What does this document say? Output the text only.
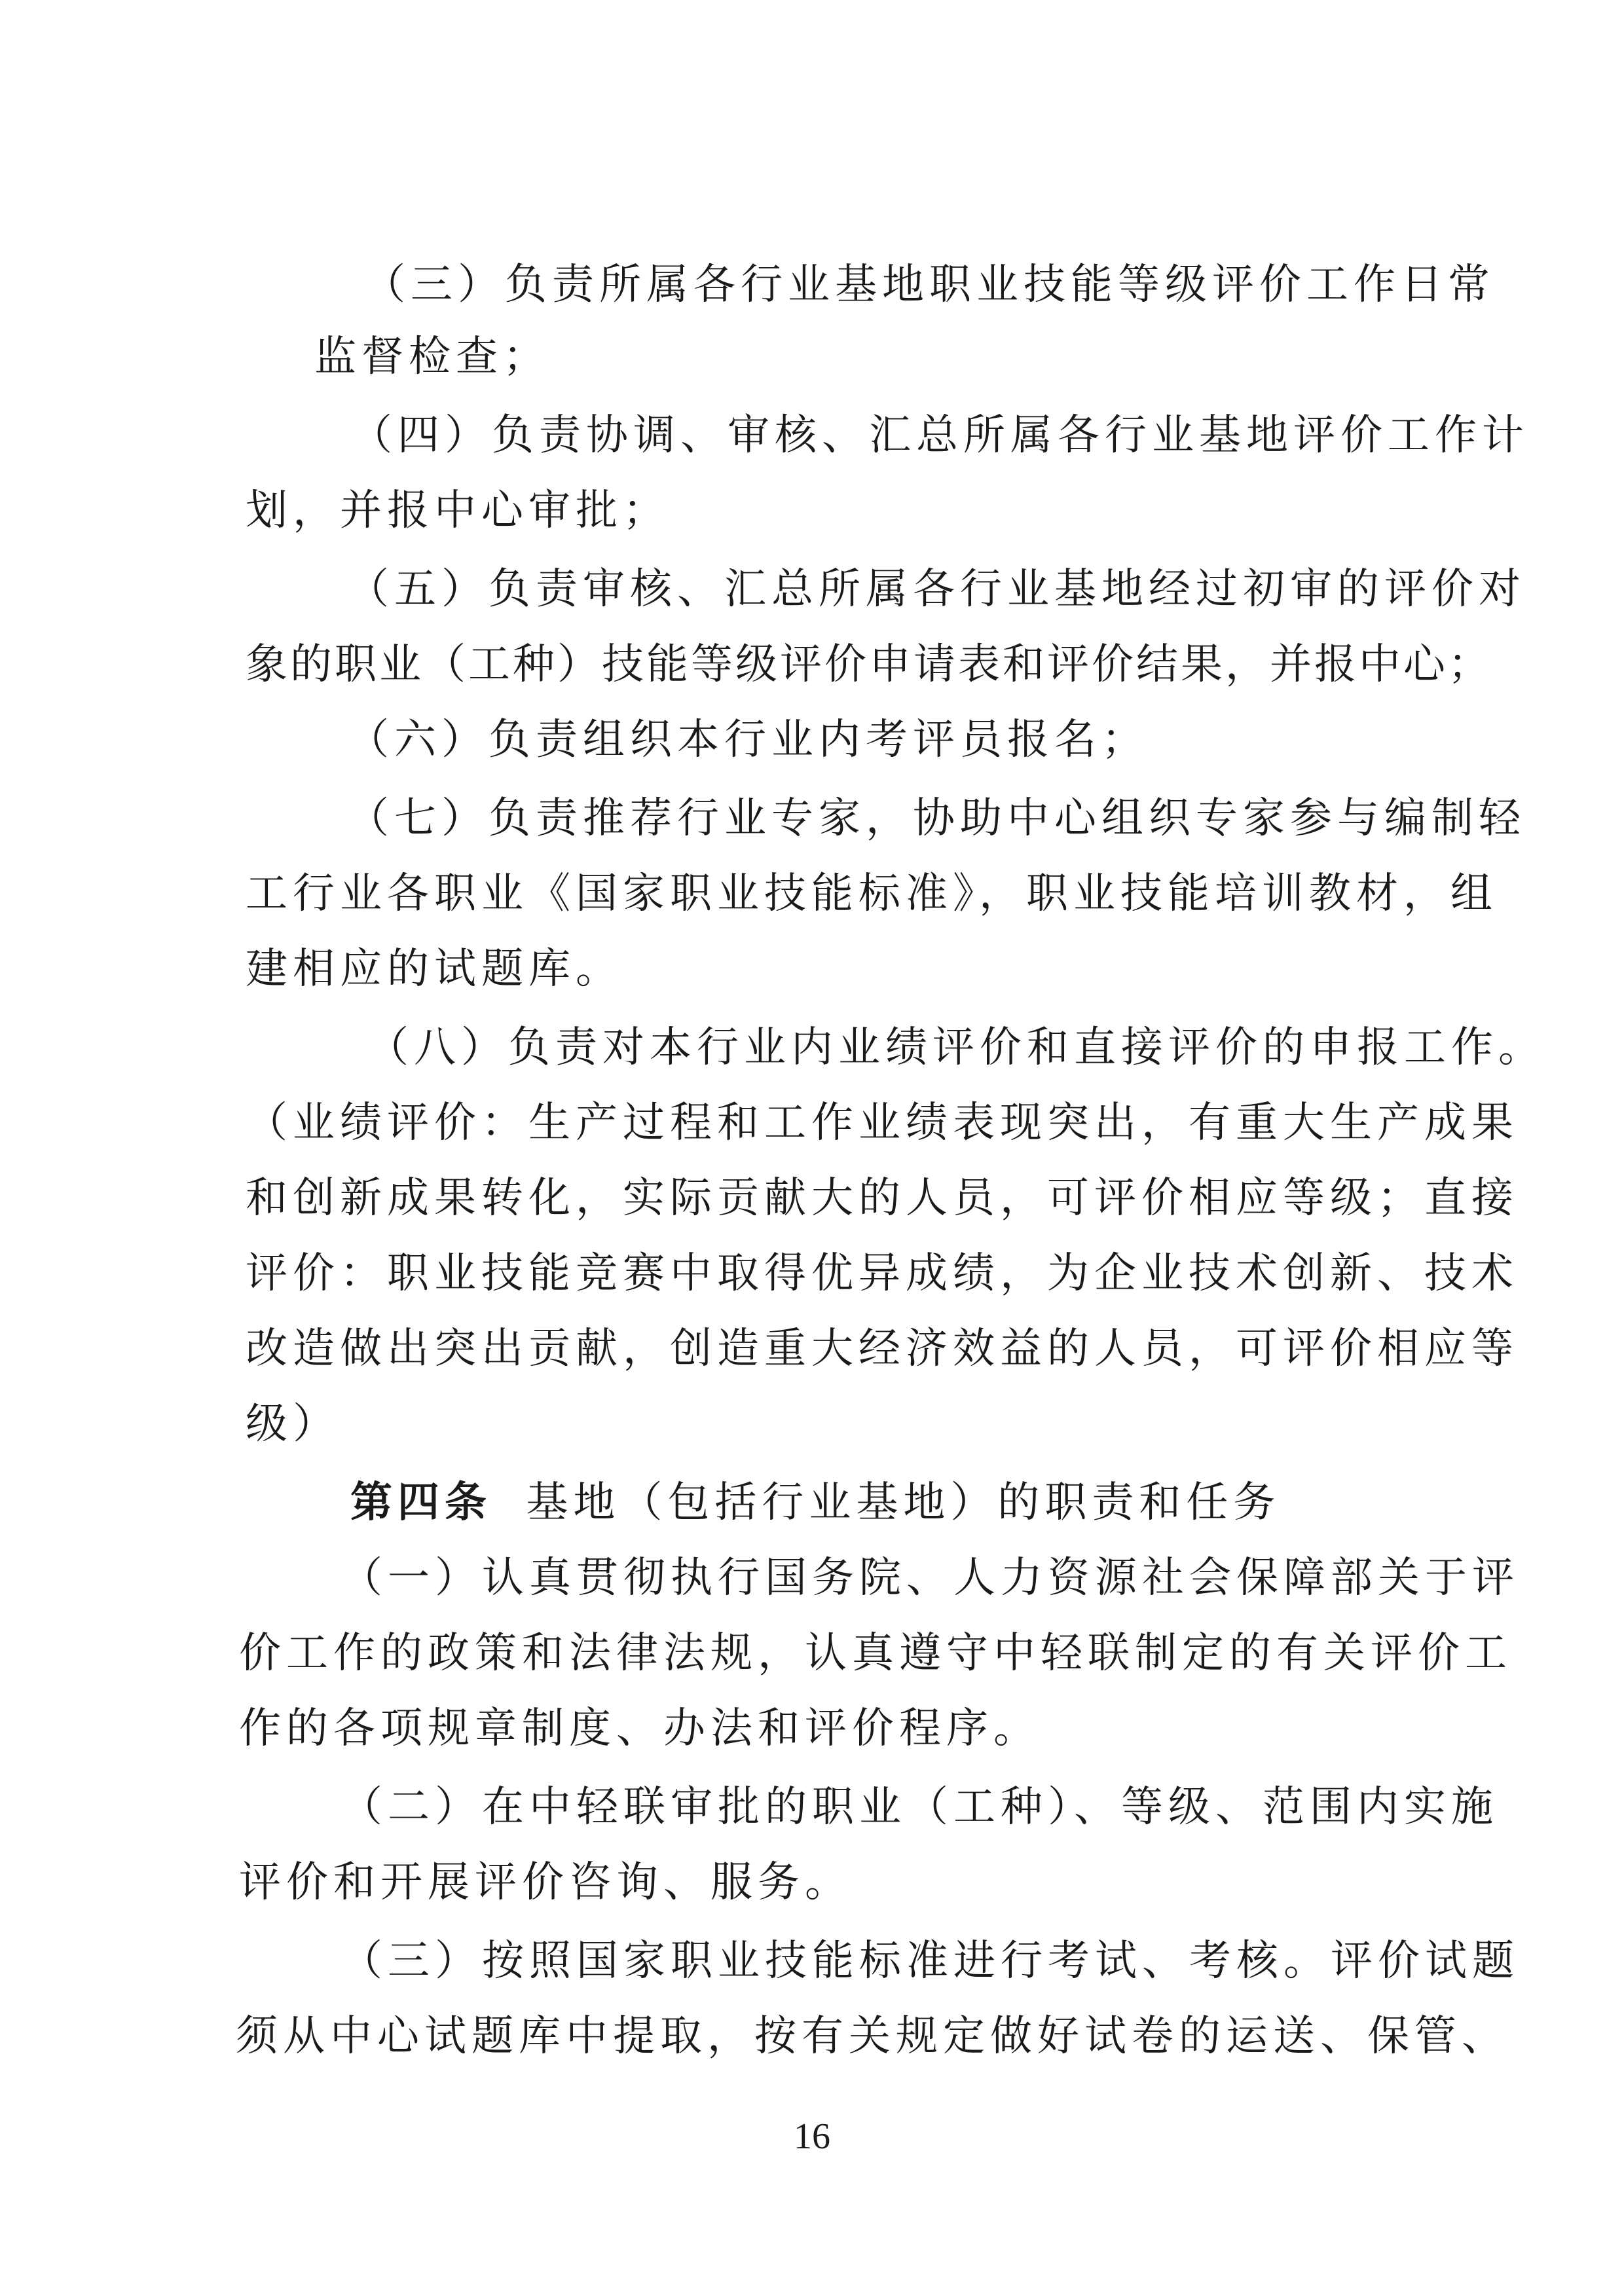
（三）负责所属各行业基地职业技能等级评价工作日常
监督检查；
（四）负责协调、审核、汇总所属各行业基地评价工作计
划，并报中心审批；
（五）负责审核、汇总所属各行业基地经过初审的评价对
象的职业（工种）技能等级评价申请表和评价结果，并报中心；
（六）负责组织本行业内考评员报名；
（七）负责推荐行业专家，协助中心组织专家参与编制轻
工行业各职业《国家职业技能标准》，职业技能培训教材，组
建相应的试题库。
（八）负责对本行业内业绩评价和直接评价的申报工作。
（业绩评价：生产过程和工作业绩表现突出，有重大生产成果
和创新成果转化，实际贡献大的人员，可评价相应等级；直接
评价：职业技能竞赛中取得优异成绩，为企业技术创新、技术
改造做出突出贡献，创造重大经济效益的人员，可评价相应等
级）
第四条 基地（包括行业基地）的职责和任务
（一）认真贯彻执行国务院、人力资源社会保障部关于评
价工作的政策和法律法规，认真遵守中轻联制定的有关评价工
作的各项规章制度、办法和评价程序。
（二）在中轻联审批的职业（工种）、等级、范围内实施
评价和开展评价咨询、服务。
（三）按照国家职业技能标准进行考试、考核。评价试题
须从中心试题库中提取，按有关规定做好试卷的运送、保管、
16
